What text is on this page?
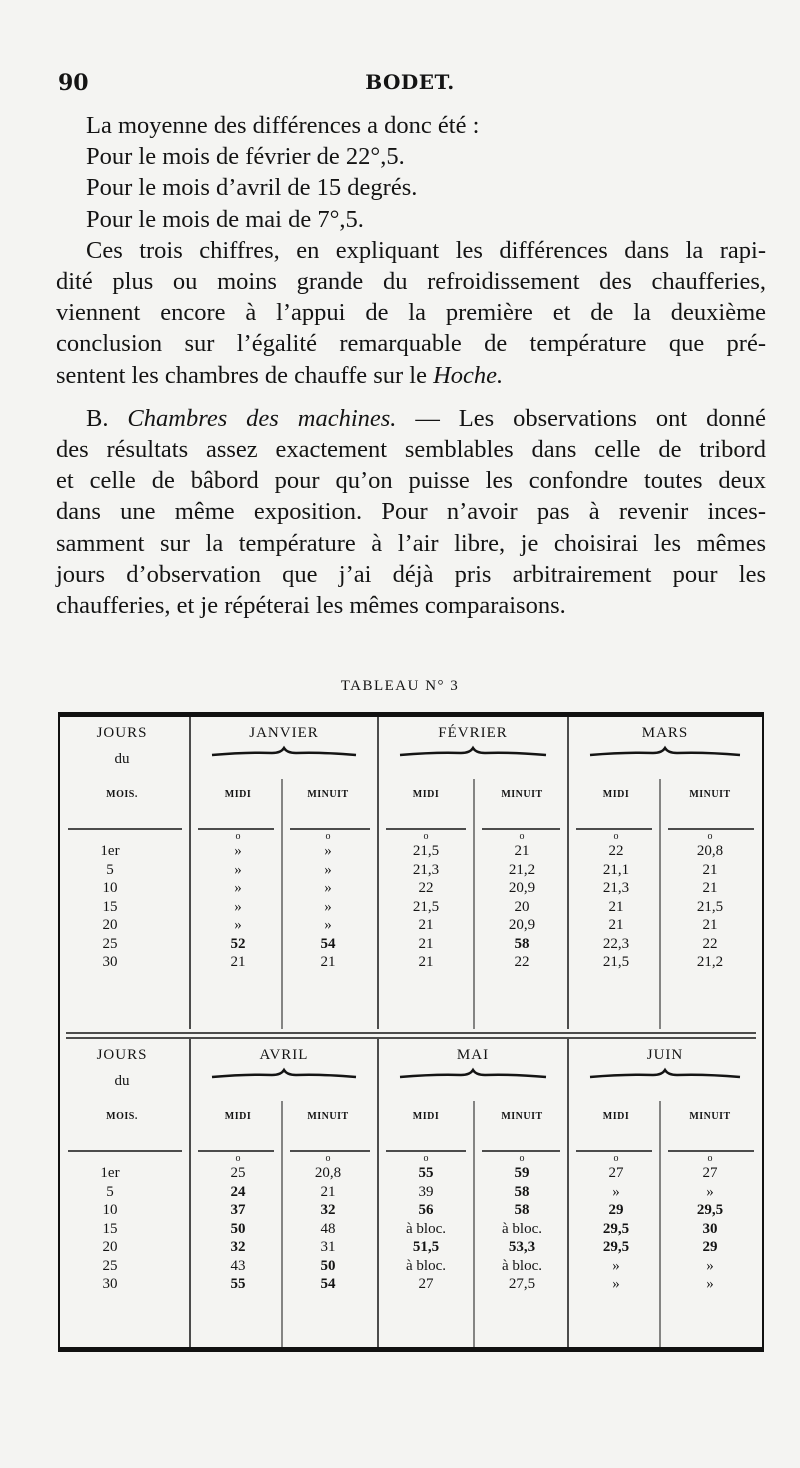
90	BODET.
La moyenne des différences a donc été :
Pour le mois de février de 22°,5.
Pour le mois d’avril de 15 degrés.
Pour le mois de mai de 7°,5.
Ces trois chiffres, en expliquant les différences dans la rapi-
dité plus ou moins grande du refroidissement des chaufferies,
viennent encore à l’appui de la première et de la deuxième
conclusion sur l’égalité remarquable de température que pré-
sentent les chambres de chauffe sur le Hoche.
B. Chambres des machines. — Les observations ont donné
des résultats assez exactement semblables dans celle de tribord
et celle de bâbord pour qu’on puisse les confondre toutes deux
dans une même exposition. Pour n’avoir pas à revenir inces-
samment sur la température à l’air libre, je choisirai les mêmes
jours d’observation que j’ai déjà pris arbitrairement pour les
chaufferies, et je répéterai les mêmes comparaisons.
TABLEAU N° 3
JOURS
du
MOIS.
JANVIER
MIDI	MINUIT
FÉVRIER
MIDI	MINUIT
MARS
MIDI	MINUIT
o	o	o	o	o	o
1er	»	»	21,5	21	22	20,8
5	»	»	21,3	21,2	21,1	21
10	»	»	22	20,9	21,3	21
15	»	»	21,5	20	21	21,5
20	»	»	21	20,9	21	21
25	52	54	21	58	22,3	22
30	21	21	21	22	21,5	21,2
JOURS
du
MOIS.
AVRIL
MIDI	MINUIT
MAI
MIDI	MINUIT
JUIN
MIDI	MINUIT
o	o	o	o	o	o
1er	25	20,8	55	59	27	27
5	24	21	39	58	»	»
10	37	32	56	58	29	29,5
15	50	48	à bloc.	à bloc.	29,5	30
20	32	31	51,5	53,3	29,5	29
25	43	50	à bloc.	à bloc.	»	»
30	55	54	27	27,5	»	»
